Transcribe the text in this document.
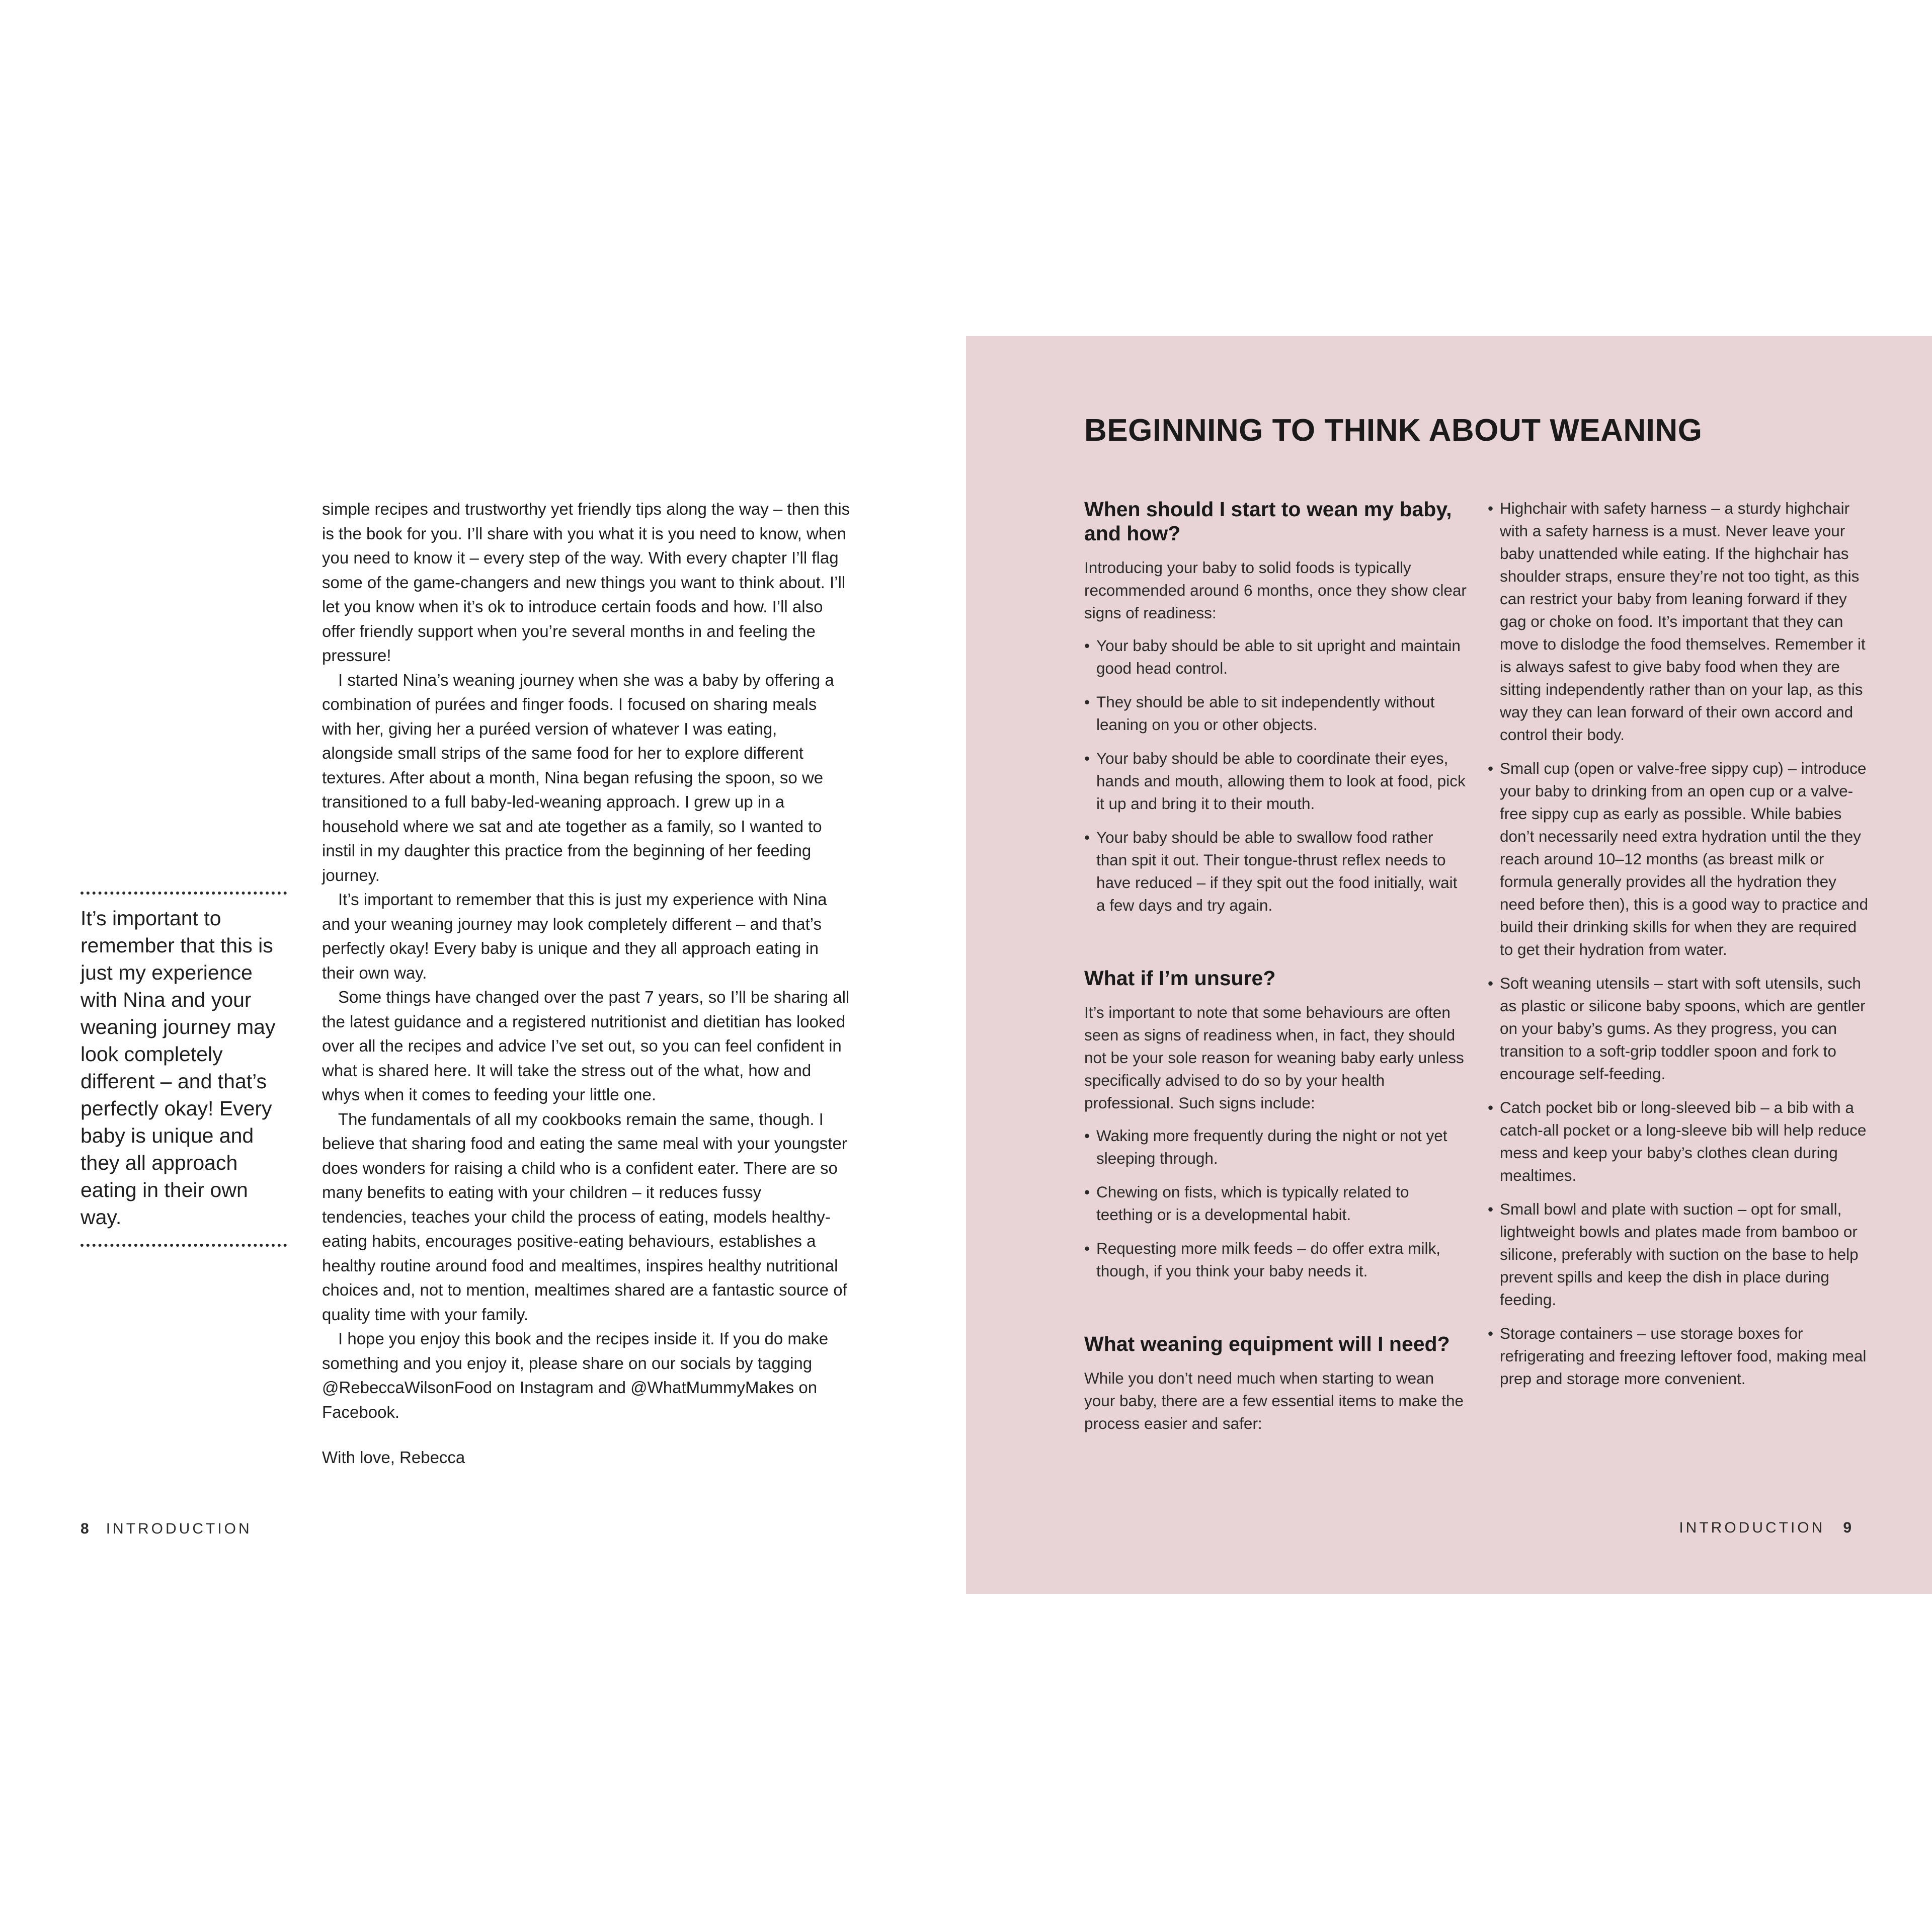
It’s important to remember that this is just my experience with Nina and your weaning journey may look completely different – and that’s perfectly okay! Every baby is unique and they all approach eating in their own way.

simple recipes and trustworthy yet friendly tips along the way – then this is the book for you. I’ll share with you what it is you need to know, when you need to know it – every step of the way. With every chapter I’ll flag some of the game-changers and new things you want to think about. I’ll let you know when it’s ok to introduce certain foods and how. I’ll also offer friendly support when you’re several months in and feeling the pressure!

I started Nina’s weaning journey when she was a baby by offering a combination of purées and finger foods. I focused on sharing meals with her, giving her a puréed version of whatever I was eating, alongside small strips of the same food for her to explore different textures. After about a month, Nina began refusing the spoon, so we transitioned to a full baby-led-weaning approach. I grew up in a household where we sat and ate together as a family, so I wanted to instil in my daughter this practice from the beginning of her feeding journey.

It’s important to remember that this is just my experience with Nina and your weaning journey may look completely different – and that’s perfectly okay! Every baby is unique and they all approach eating in their own way.

Some things have changed over the past 7 years, so I’ll be sharing all the latest guidance and a registered nutritionist and dietitian has looked over all the recipes and advice I’ve set out, so you can feel confident in what is shared here. It will take the stress out of the what, how and whys when it comes to feeding your little one.

The fundamentals of all my cookbooks remain the same, though. I believe that sharing food and eating the same meal with your youngster does wonders for raising a child who is a confident eater. There are so many benefits to eating with your children – it reduces fussy tendencies, teaches your child the process of eating, models healthy-eating habits, encourages positive-eating behaviours, establishes a healthy routine around food and mealtimes, inspires healthy nutritional choices and, not to mention, mealtimes shared are a fantastic source of quality time with your family.

I hope you enjoy this book and the recipes inside it. If you do make something and you enjoy it, please share on our socials by tagging @RebeccaWilsonFood on Instagram and @WhatMummyMakes on Facebook.

With love, Rebecca

8 INTRODUCTION
BEGINNING TO THINK ABOUT WEANING
When should I start to wean my baby, and how?

Introducing your baby to solid foods is typically recommended around 6 months, once they show clear signs of readiness:

• Your baby should be able to sit upright and maintain good head control.
• They should be able to sit independently without leaning on you or other objects.
• Your baby should be able to coordinate their eyes, hands and mouth, allowing them to look at food, pick it up and bring it to their mouth.
• Your baby should be able to swallow food rather than spit it out. Their tongue-thrust reflex needs to have reduced – if they spit out the food initially, wait a few days and try again.
What if I’m unsure?

It’s important to note that some behaviours are often seen as signs of readiness when, in fact, they should not be your sole reason for weaning baby early unless specifically advised to do so by your health professional. Such signs include:

• Waking more frequently during the night or not yet sleeping through.
• Chewing on fists, which is typically related to teething or is a developmental habit.
• Requesting more milk feeds – do offer extra milk, though, if you think your baby needs it.
What weaning equipment will I need?

While you don’t need much when starting to wean your baby, there are a few essential items to make the process easier and safer:

• Highchair with safety harness – a sturdy highchair with a safety harness is a must. Never leave your baby unattended while eating. If the highchair has shoulder straps, ensure they’re not too tight, as this can restrict your baby from leaning forward if they gag or choke on food. It’s important that they can move to dislodge the food themselves. Remember it is always safest to give baby food when they are sitting independently rather than on your lap, as this way they can lean forward of their own accord and control their body.
• Small cup (open or valve-free sippy cup) – introduce your baby to drinking from an open cup or a valve-free sippy cup as early as possible. While babies don’t necessarily need extra hydration until the they reach around 10–12 months (as breast milk or formula generally provides all the hydration they need before then), this is a good way to practice and build their drinking skills for when they are required to get their hydration from water.
• Soft weaning utensils – start with soft utensils, such as plastic or silicone baby spoons, which are gentler on your baby’s gums. As they progress, you can transition to a soft-grip toddler spoon and fork to encourage self-feeding.
• Catch pocket bib or long-sleeved bib – a bib with a catch-all pocket or a long-sleeve bib will help reduce mess and keep your baby’s clothes clean during mealtimes.
• Small bowl and plate with suction – opt for small, lightweight bowls and plates made from bamboo or silicone, preferably with suction on the base to help prevent spills and keep the dish in place during feeding.
• Storage containers – use storage boxes for refrigerating and freezing leftover food, making meal prep and storage more convenient.
INTRODUCTION 9
